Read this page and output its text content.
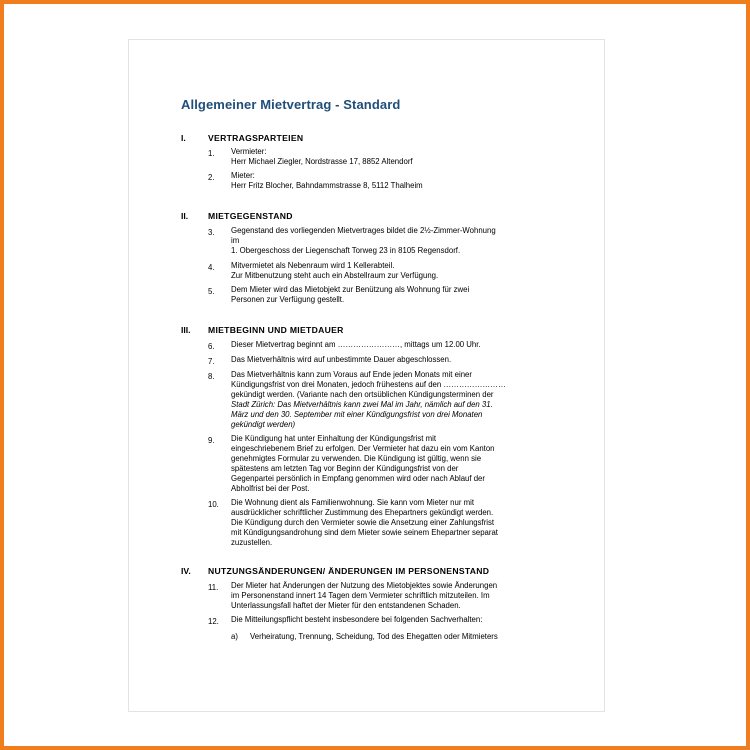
Allgemeiner Mietvertrag - Standard
I.	VERTRAGSPARTEIEN
1. Vermieter:
Herr Michael Ziegler, Nordstrasse 17, 8852 Altendorf
2. Mieter:
Herr Fritz Blocher, Bahndammstrasse 8, 5112 Thalheim
II. MIETGEGENSTAND
3. Gegenstand des vorliegenden Mietvertrages bildet die 2½-Zimmer-Wohnung
im
1. Obergeschoss der Liegenschaft Torweg 23 in 8105 Regensdorf.
4. Mitvermietet als Nebenraum wird 1 Kellerabteil.
Zur Mitbenutzung steht auch ein Abstellraum zur Verfügung.
5. Dem Mieter wird das Mietobjekt zur Benützung als Wohnung für zwei
Personen zur Verfügung gestellt.
III. MIETBEGINN UND MIETDAUER
6. Dieser Mietvertrag beginnt am ……………………, mittags um 12.00 Uhr.
7. Das Mietverhältnis wird auf unbestimmte Dauer abgeschlossen.
8. Das Mietverhältnis kann zum Voraus auf Ende jeden Monats mit einer
Kündigungsfrist von drei Monaten, jedoch frühestens auf den ……………………
gekündigt werden. (Variante nach den ortsüblichen Kündigungsterminen der
Stadt Zürich: Das Mietverhältnis kann zwei Mal im Jahr, nämlich auf den 31.
März und den 30. September mit einer Kündigungsfrist von drei Monaten
gekündigt werden)
9. Die Kündigung hat unter Einhaltung der Kündigungsfrist mit
eingeschriebenem Brief zu erfolgen. Der Vermieter hat dazu ein vom Kanton
genehmigtes Formular zu verwenden. Die Kündigung ist gültig, wenn sie
spätestens am letzten Tag vor Beginn der Kündigungsfrist von der
Gegenpartei persönlich in Empfang genommen wird oder nach Ablauf der
Abholfrist bei der Post.
10. Die Wohnung dient als Familienwohnung. Sie kann vom Mieter nur mit
ausdrücklicher schriftlicher Zustimmung des Ehepartners gekündigt werden.
Die Kündigung durch den Vermieter sowie die Ansetzung einer Zahlungsfrist
mit Kündigungsandrohung sind dem Mieter sowie seinem Ehepartner separat
zuzustellen.
IV. NUTZUNGSÄNDERUNGEN/ ÄNDERUNGEN IM PERSONENSTAND
11. Der Mieter hat Änderungen der Nutzung des Mietobjektes sowie Änderungen
im Personenstand innert 14 Tagen dem Vermieter schriftlich mitzuteilen. Im
Unterlassungsfall haftet der Mieter für den entstandenen Schaden.
12. Die Mitteilungspflicht besteht insbesondere bei folgenden Sachverhalten:
a) Verheiratung, Trennung, Scheidung, Tod des Ehegatten oder Mitmieters
